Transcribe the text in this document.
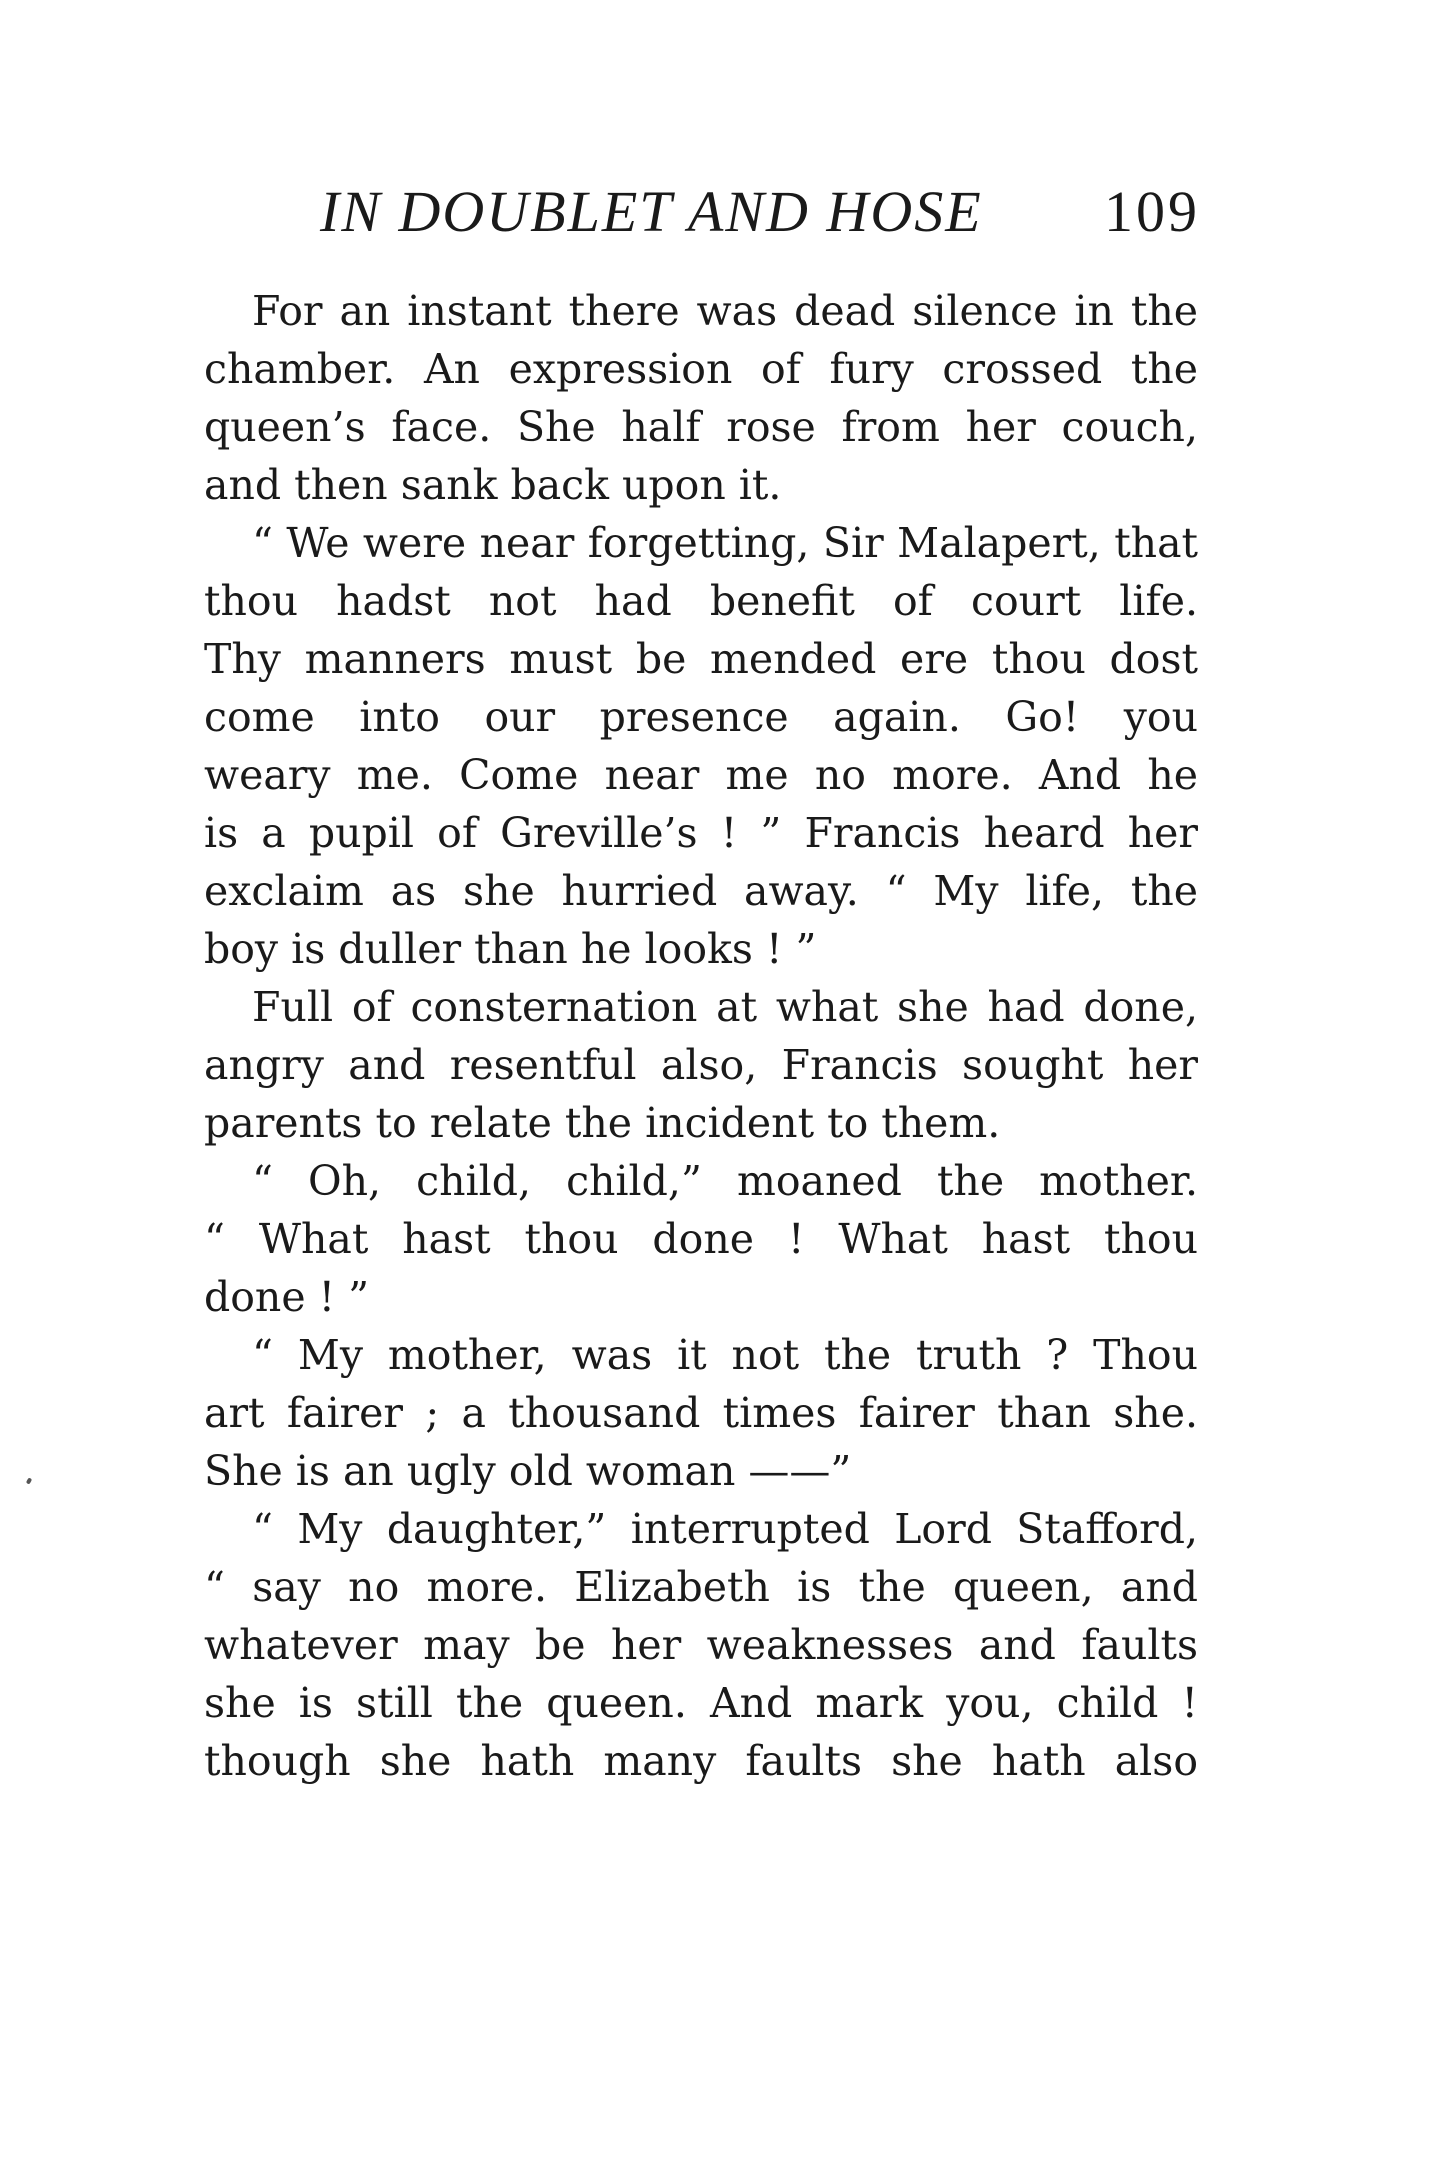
IN DOUBLET AND HOSE 109
For an instant there was dead silence in the
chamber. An expression of fury crossed the
queen’s face. She half rose from her couch,
and then sank back upon it.
“ We were near forgetting, Sir Malapert, that
thou hadst not had benefit of court life.
Thy manners must be mended ere thou dost
come into our presence again. Go! you
weary me. Come near me no more. And he
is a pupil of Greville’s ! ” Francis heard her
exclaim as she hurried away. “ My life, the
boy is duller than he looks ! ”
Full of consternation at what she had done,
angry and resentful also, Francis sought her
parents to relate the incident to them.
“ Oh, child, child,” moaned the mother.
“ What hast thou done ! What hast thou
done ! ”
“ My mother, was it not the truth ? Thou
art fairer ; a thousand times fairer than she.
She is an ugly old woman ——”
“ My daughter,” interrupted Lord Stafford,
“ say no more. Elizabeth is the queen, and
whatever may be her weaknesses and faults
she is still the queen. And mark you, child !
though she hath many faults she hath also
